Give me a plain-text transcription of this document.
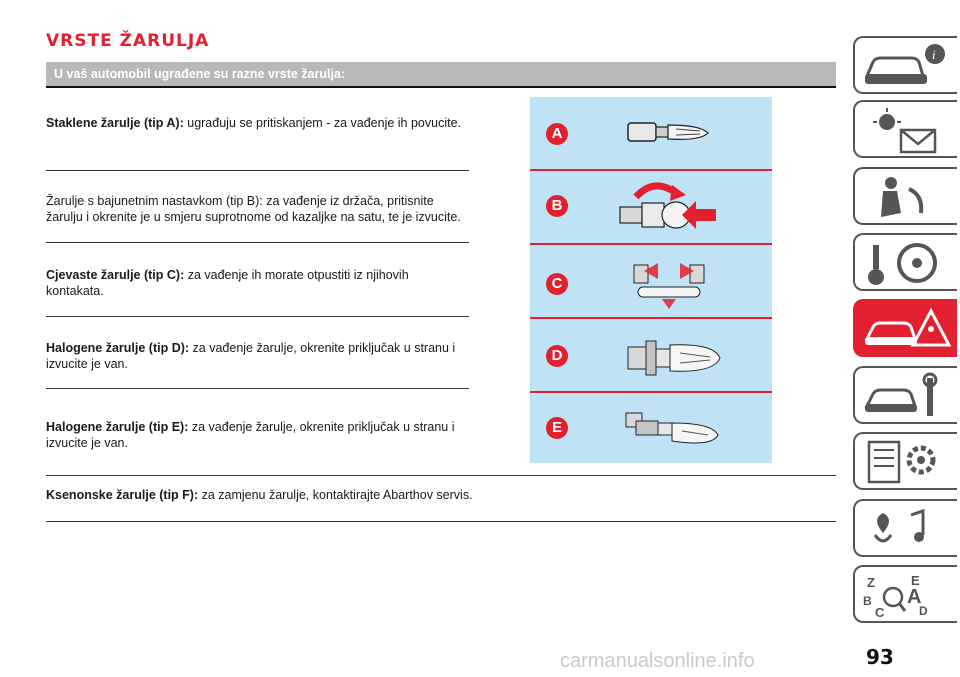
VRSTE ŽARULJA
U vaš automobil ugrađene su razne vrste žarulja:
Staklene žarulje (tip A): ugrađuju se pritiskanjem - za vađenje ih povucite.
Žarulje s bajunetnim nastavkom (tip B): za vađenje iz držača, pritisnite žarulju i okrenite je u smjeru suprotnome od kazaljke na satu, te je izvucite.
Cjevaste žarulje (tip C): za vađenje ih morate otpustiti iz njihovih kontakata.
Halogene žarulje (tip D): za vađenje žarulje, okrenite priključak u stranu i izvucite je van.
Halogene žarulje (tip E): za vađenje žarulje, okrenite priključak u stranu i izvucite je van.
Ksenonske žarulje (tip F): za zamjenu žarulje, kontaktirajte Abarthov servis.
A
B
C
D
E
i
Z	E
B A
C	D
carmanualsonline.info	93
